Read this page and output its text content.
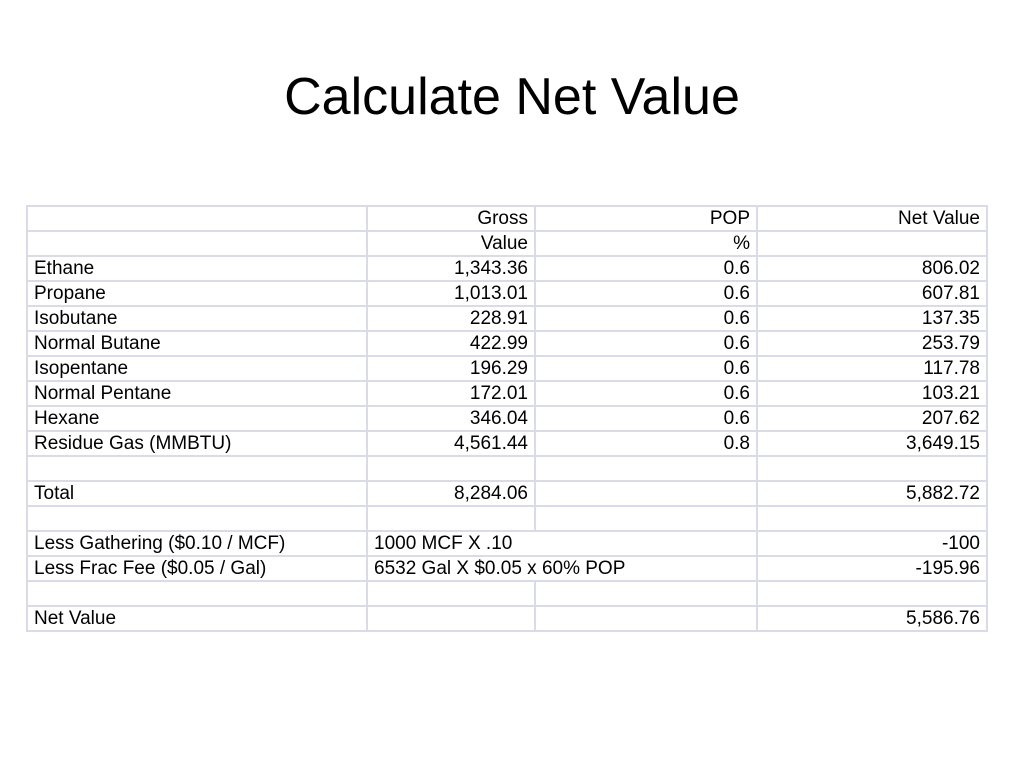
Calculate Net Value
	Gross	POP	Net Value
	Value	%	
Ethane	1,343.36	0.6	806.02
Propane	1,013.01	0.6	607.81
Isobutane	228.91	0.6	137.35
Normal Butane	422.99	0.6	253.79
Isopentane	196.29	0.6	117.78
Normal Pentane	172.01	0.6	103.21
Hexane	346.04	0.6	207.62
Residue Gas (MMBTU)	4,561.44	0.8	3,649.15

Total	8,284.06		5,882.72

Less Gathering ($0.10 / MCF)	1000 MCF X .10		-100
Less Frac Fee ($0.05 / Gal)	6532 Gal X $0.05 x 60% POP		-195.96

Net Value			5,586.76
